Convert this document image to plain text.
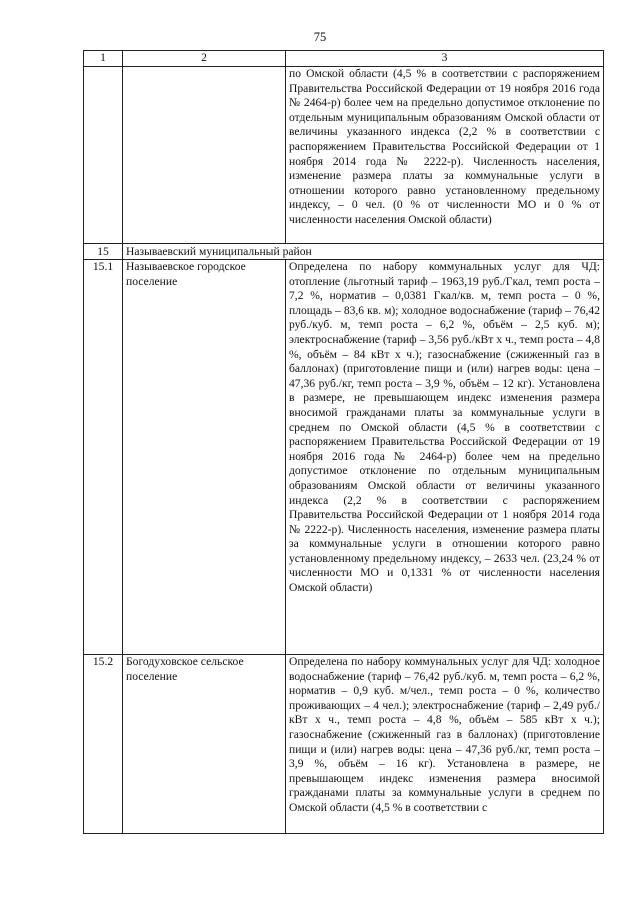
75
1	2	3
		по Омской области (4,5 % в соответствии с распоряжением Правительства Российской Федерации от 19 ноября 2016 года № 2464-р) более чем на предельно допустимое отклонение по отдельным муниципальным образованиям Омской области от величины указанного индекса (2,2 % в соответствии с распоряжением Правительства Российской Федерации от 1 ноября 2014 года № 2222-р). Численность населения, изменение размера платы за коммунальные услуги в отношении которого равно установленному предельному индексу, – 0 чел. (0 % от численности МО и 0 % от численности населения Омской области)
15	Называевский муниципальный район	
15.1	Называевское городское поселение	Определена по набору коммунальных услуг для ЧД: отопление (льготный тариф – 1963,19 руб./Гкал, темп роста – 7,2 %, норматив – 0,0381 Гкал/кв. м, темп роста – 0 %, площадь – 83,6 кв. м); холодное водоснабжение (тариф – 76,42 руб./куб. м, темп роста – 6,2 %, объём – 2,5 куб. м); электроснабжение (тариф – 3,56 руб./кВт х ч., темп роста – 4,8 %, объём – 84 кВт х ч.); газоснабжение (сжиженный газ в баллонах) (приготовление пищи и (или) нагрев воды: цена – 47,36 руб./кг, темп роста – 3,9 %, объём – 12 кг). Установлена в размере, не превышающем индекс изменения размера вносимой гражданами платы за коммунальные услуги в среднем по Омской области (4,5 % в соответствии с распоряжением Правительства Российской Федерации от 19 ноября 2016 года № 2464-р) более чем на предельно допустимое отклонение по отдельным муниципальным образованиям Омской области от величины указанного индекса (2,2 % в соответствии с распоряжением Правительства Российской Федерации от 1 ноября 2014 года № 2222-р). Численность населения, изменение размера платы за коммунальные услуги в отношении которого равно установленному предельному индексу, – 2633 чел. (23,24 % от численности МО и 0,1331 % от численности населения Омской области)
15.2	Богодуховское сельское поселение	Определена по набору коммунальных услуг для ЧД: холодное водоснабжение (тариф – 76,42 руб./куб. м, темп роста – 6,2 %, норматив – 0,9 куб. м/чел., темп роста – 0 %, количество проживающих – 4 чел.); электроснабжение (тариф – 2,49 руб./кВт х ч., темп роста – 4,8 %, объём – 585 кВт х ч.); газоснабжение (сжиженный газ в баллонах) (приготовление пищи и (или) нагрев воды: цена – 47,36 руб./кг, темп роста – 3,9 %, объём – 16 кг). Установлена в размере, не превышающем индекс изменения размера вносимой гражданами платы за коммунальные услуги в среднем по Омской области (4,5 % в соответствии с
